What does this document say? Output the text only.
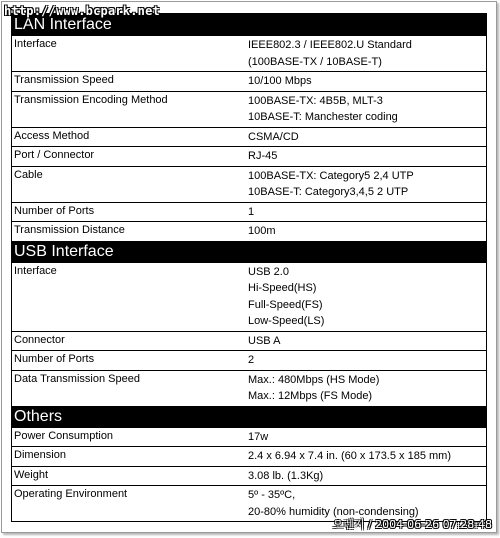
http://www.bcpark.net
LAN Interface
Interface	IEEE802.3 / IEEE802.U Standard
(100BASE-TX / 10BASE-T)
Transmission Speed	10/100 Mbps
Transmission Encoding Method	100BASE-TX: 4B5B, MLT-3
10BASE-T: Manchester coding
Access Method	CSMA/CD
Port / Connector	RJ-45
Cable	100BASE-TX: Category5 2,4 UTP
10BASE-T: Category3,4,5 2 UTP
Number of Ports	1
Transmission Distance	100m
USB Interface
Interface	USB 2.0
Hi-Speed(HS)
Full-Speed(FS)
Low-Speed(LS)
Connector	USB A
Number of Ports	2
Data Transmission Speed	Max.: 480Mbps (HS Mode)
Max.: 12Mbps (FS Mode)
Others
Power Consumption	17w
Dimension	2.4 x 6.94 x 7.4 in. (60 x 173.5 x 185 mm)
Weight	3.08 lb. (1.3Kg)
Operating Environment	5º - 35ºC,
20-80% humidity (non-condensing)
오렌지 / 2004-06-26 07:28:48
